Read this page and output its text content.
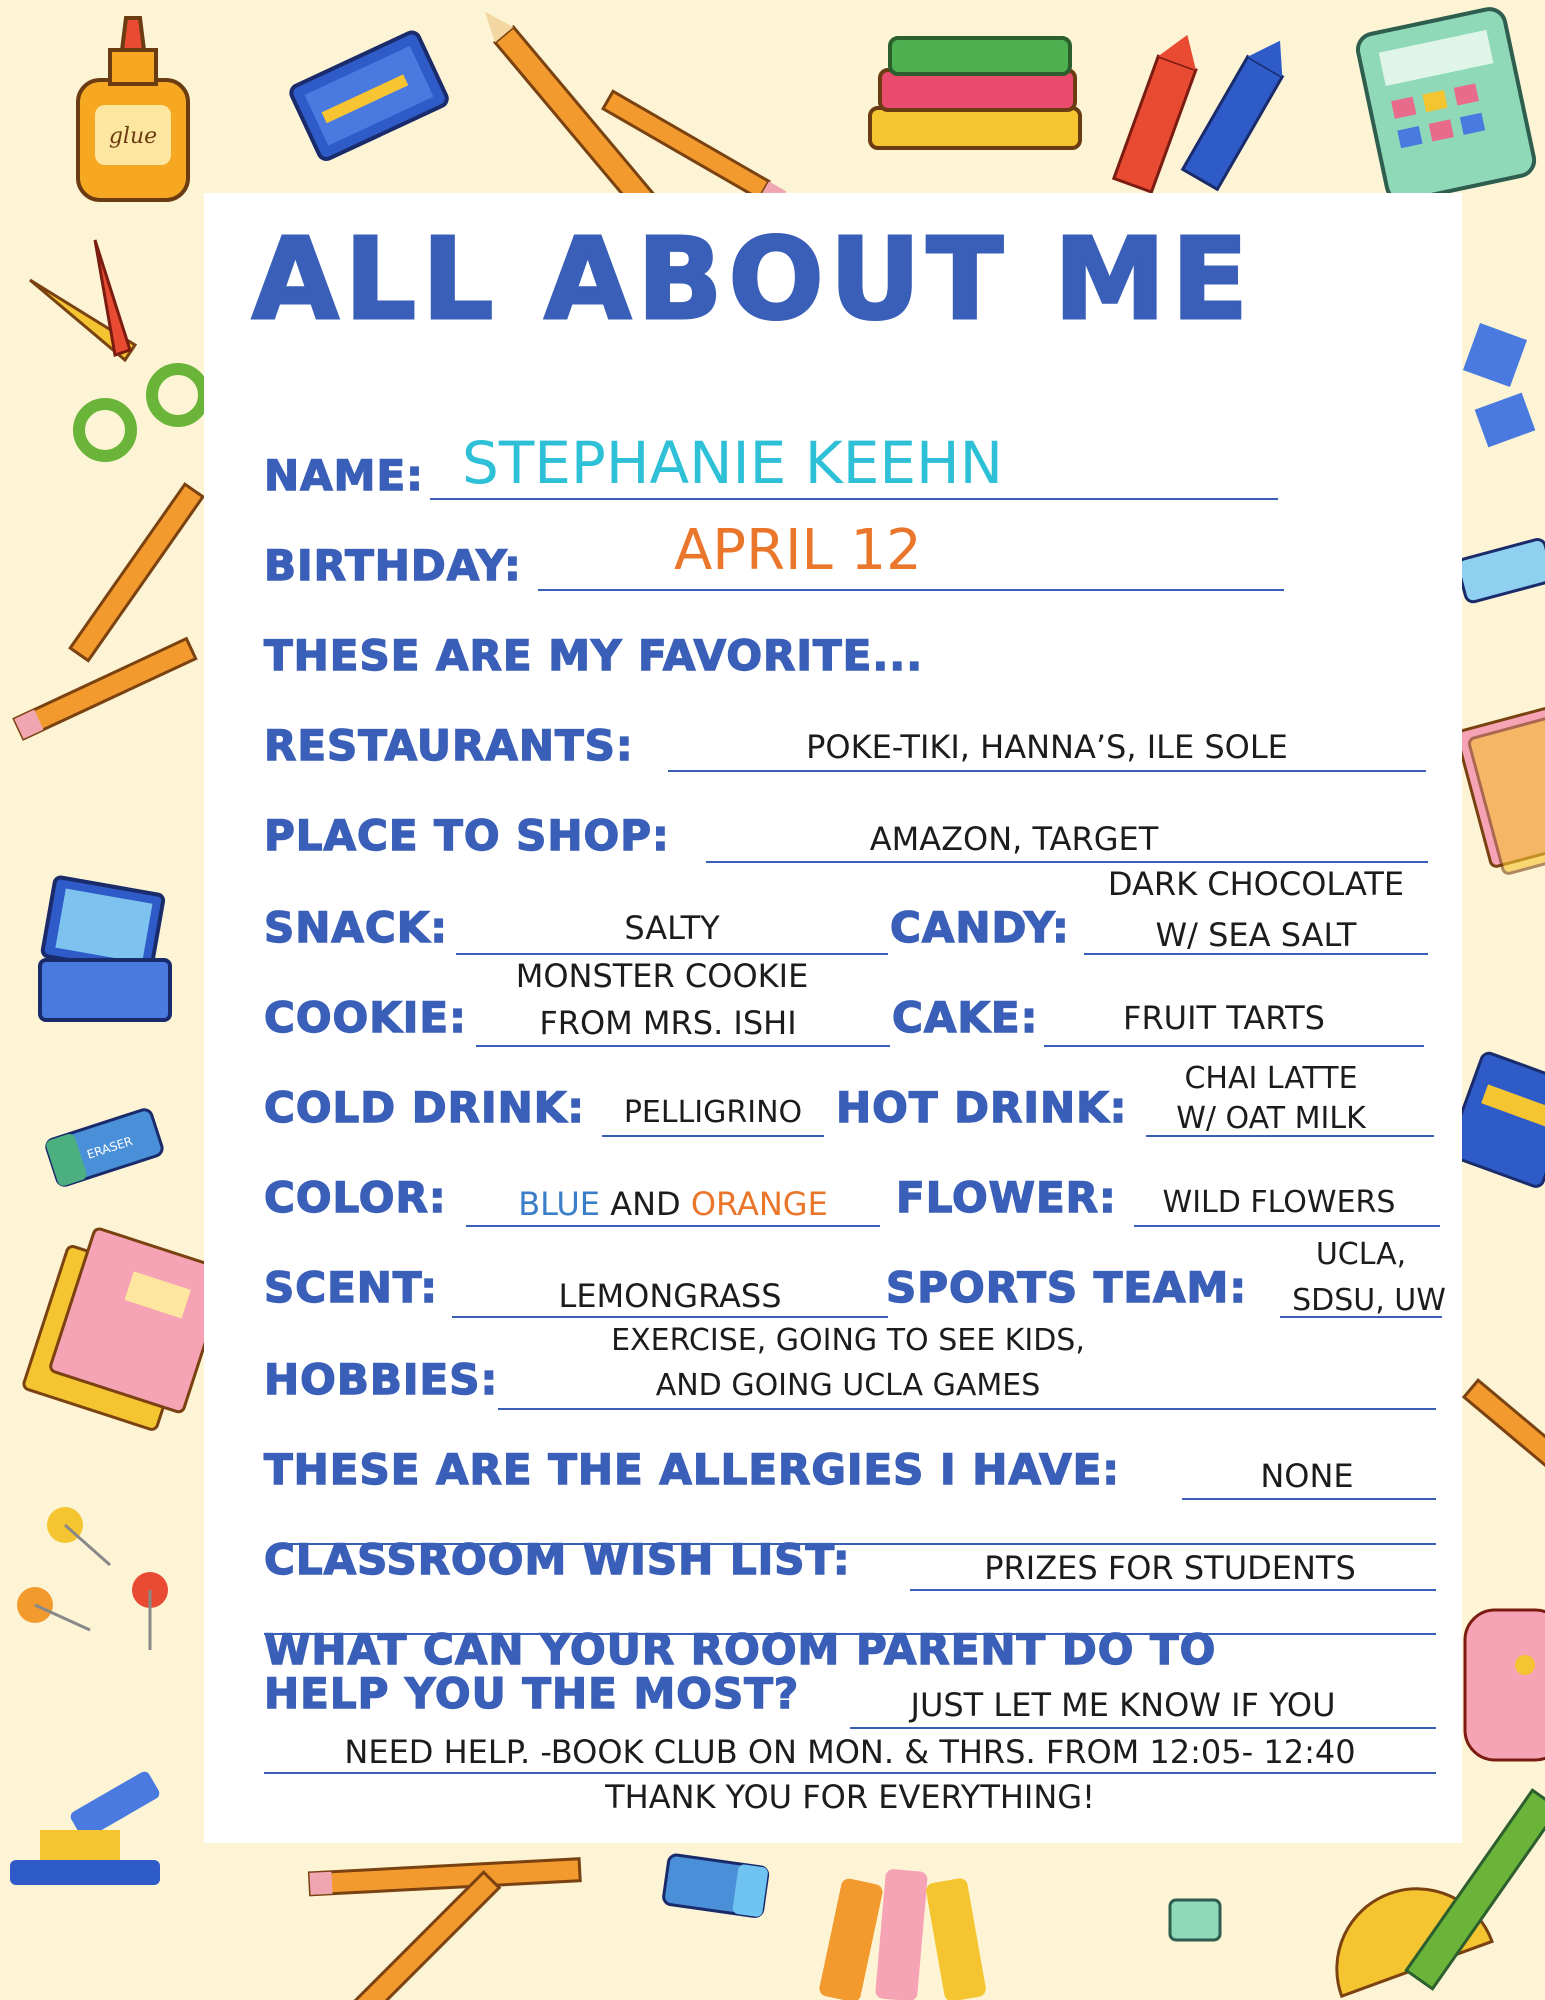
glue
ERASER
ALL ABOUT ME
NAME: STEPHANIE KEEHN
BIRTHDAY:	APRIL 12
THESE ARE MY FAVORITE...
RESTAURANTS:	POKE-TIKI, HANNA’S, ILE SOLE
PLACE TO SHOP:	AMAZON, TARGET
SNACK:	SALTY	CANDY:
DARK CHOCOLATE
W/ SEA SALT
COOKIE:
MONSTER COOKIE
FROM MRS. ISHI	CAKE:	FRUIT TARTS
COLD DRINK:	PELLIGRINO HOT DRINK:
CHAI LATTE
W/ OAT MILK
COLOR:	BLUE AND ORANGE	FLOWER:	WILD FLOWERS
SCENT:	LEMONGRASS	SPORTS TEAM:
UCLA,
SDSU, UW
HOBBIES:
EXERCISE, GOING TO SEE KIDS,
AND GOING UCLA GAMES
THESE ARE THE ALLERGIES I HAVE:	NONE
CLASSROOM WISH LIST:	PRIZES FOR STUDENTS
WHAT CAN YOUR ROOM PARENT DO TO
HELP YOU THE MOST?	JUST LET ME KNOW IF YOU
NEED HELP. -BOOK CLUB ON MON. & THRS. FROM 12:05- 12:40
THANK YOU FOR EVERYTHING!
